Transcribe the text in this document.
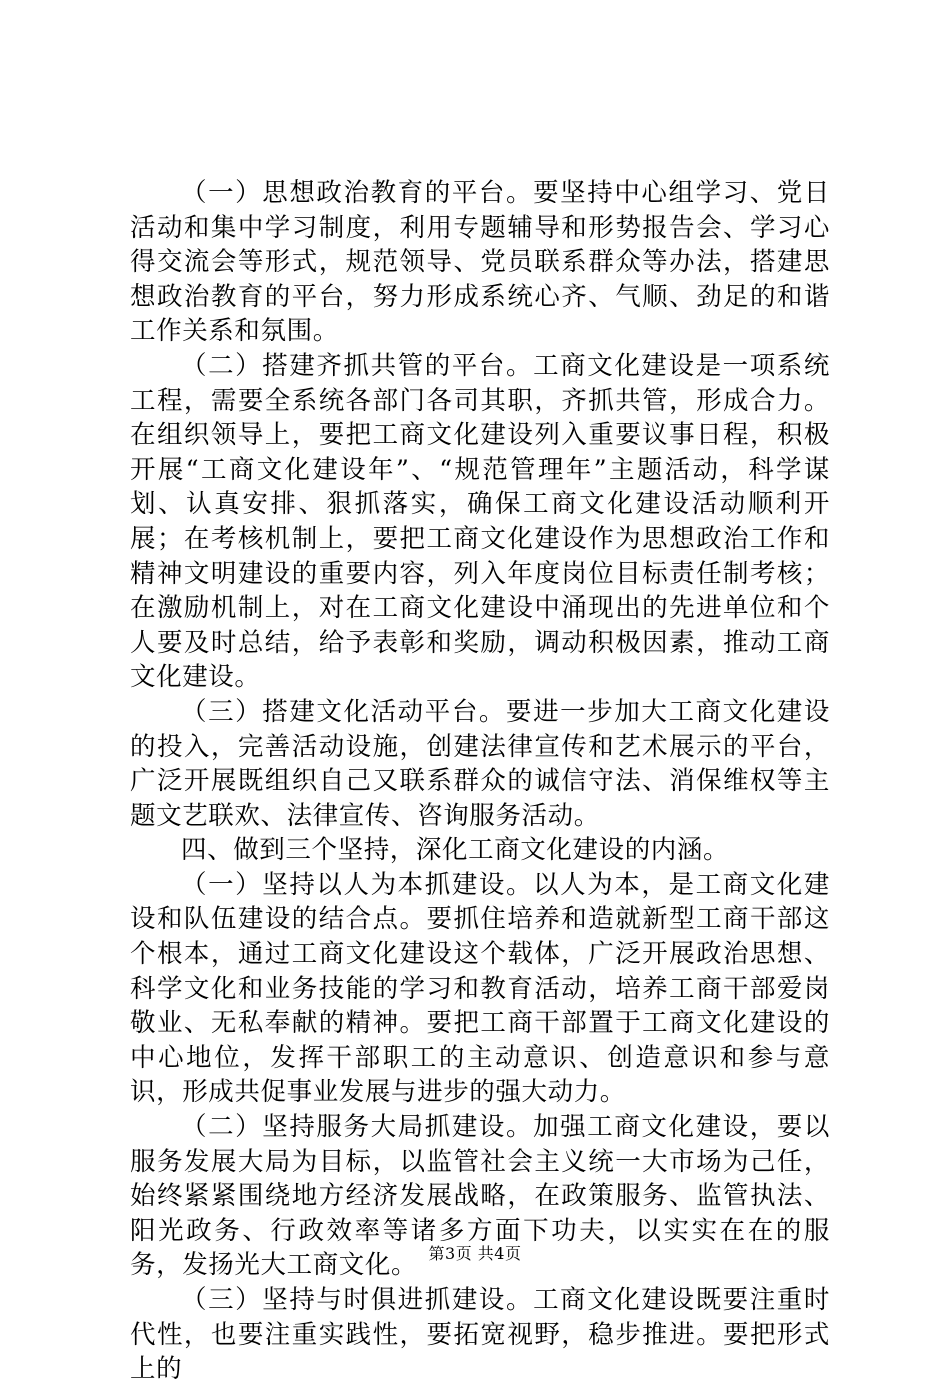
（一）思想政治教育的平台。要坚持中心组学习、党日活动和集中学习制度，利用专题辅导和形势报告会、学习心得交流会等形式，规范领导、党员联系群众等办法，搭建思想政治教育的平台，努力形成系统心齐、气顺、劲足的和谐工作关系和氛围。

（二）搭建齐抓共管的平台。工商文化建设是一项系统工程，需要全系统各部门各司其职，齐抓共管，形成合力。在组织领导上，要把工商文化建设列入重要议事日程，积极开展“工商文化建设年”、“规范管理年”主题活动，科学谋划、认真安排、狠抓落实，确保工商文化建设活动顺利开展；在考核机制上，要把工商文化建设作为思想政治工作和精神文明建设的重要内容，列入年度岗位目标责任制考核；在激励机制上，对在工商文化建设中涌现出的先进单位和个人要及时总结，给予表彰和奖励，调动积极因素，推动工商文化建设。

（三）搭建文化活动平台。要进一步加大工商文化建设的投入，完善活动设施，创建法律宣传和艺术展示的平台，广泛开展既组织自己又联系群众的诚信守法、消保维权等主题文艺联欢、法律宣传、咨询服务活动。

四、做到三个坚持，深化工商文化建设的内涵。

（一）坚持以人为本抓建设。以人为本，是工商文化建设和队伍建设的结合点。要抓住培养和造就新型工商干部这个根本，通过工商文化建设这个载体，广泛开展政治思想、科学文化和业务技能的学习和教育活动，培养工商干部爱岗敬业、无私奉献的精神。要把工商干部置于工商文化建设的中心地位，发挥干部职工的主动意识、创造意识和参与意识，形成共促事业发展与进步的强大动力。

（二）坚持服务大局抓建设。加强工商文化建设，要以服务发展大局为目标，以监管社会主义统一大市场为己任，始终紧紧围绕地方经济发展战略，在政策服务、监管执法、阳光政务、行政效率等诸多方面下功夫，以实实在在的服务，发扬光大工商文化。

（三）坚持与时俱进抓建设。工商文化建设既要注重时代性，也要注重实践性，要拓宽视野，稳步推进。要把形式上的

第3页 共4页
